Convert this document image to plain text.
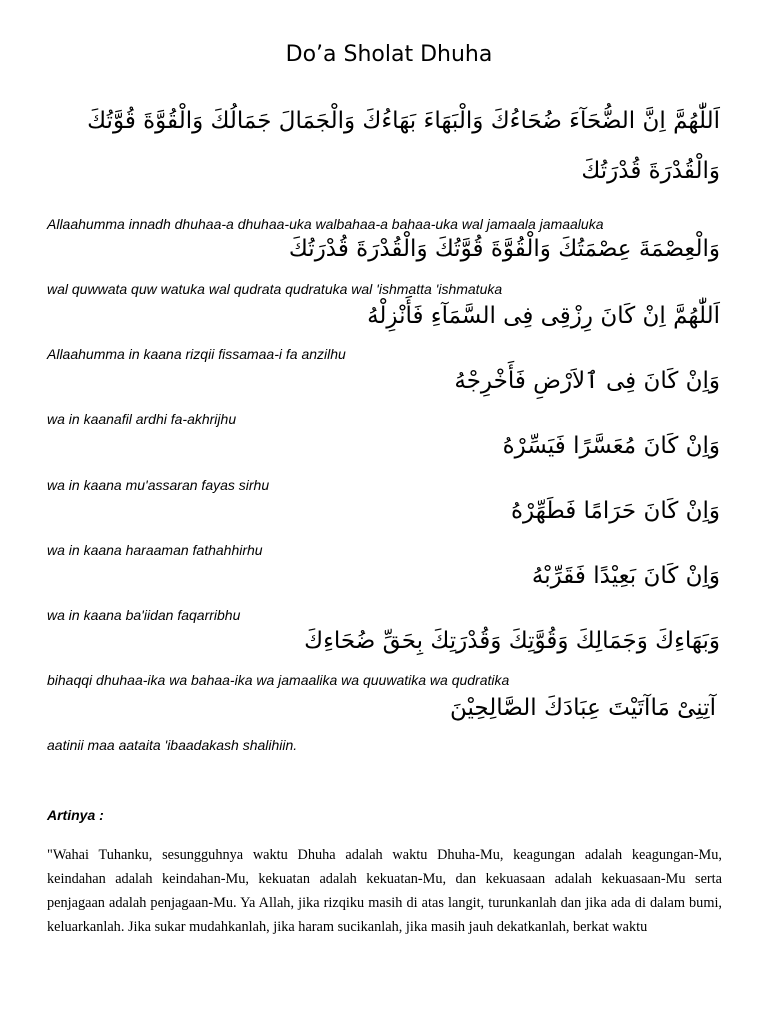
Do’a Sholat Dhuha

اَللّٰهُمَّ اِنَّ الضُّحَآءَ ضُحَاءُكَ وَالْبَهَاءَ بَهَاءُكَ وَالْجَمَالَ جَمَالُكَ وَالْقُوَّةَ قُوَّتُكَ

وَالْقُدْرَةَ قُدْرَتُكَ

Allaahumma innadh dhuhaa-a dhuhaa-uka walbahaa-a bahaa-uka wal jamaala jamaaluka

وَالْعِصْمَةَ عِصْمَتُكَ وَالْقُوَّةَ قُوَّتُكَ وَالْقُدْرَةَ قُدْرَتُكَ

wal quwwata quw watuka wal qudrata qudratuka wal 'ishmatta 'ishmatuka

اَللّٰهُمَّ اِنْ كَانَ رِزْقِى فِى السَّمَآءِ فَأَنْزِلْهُ

Allaahumma in kaana rizqii fissamaa-i fa anzilhu

وَاِنْ كَانَ فِى ٱلاَرْضِ فَأَخْرِجْهُ

wa in kaanafil ardhi fa-akhrijhu

وَاِنْ كَانَ مُعَسَّرًا فَيَسِّرْهُ

wa in kaana mu'assaran fayas sirhu

وَاِنْ كَانَ حَرَامًا فَطَهِّرْهُ

wa in kaana haraaman fathahhirhu

وَاِنْ كَانَ بَعِيْدًا فَقَرِّبْهُ

wa in kaana ba'iidan faqarribhu

وَبَهَاءِكَ وَجَمَالِكَ وَقُوَّتِكَ وَقُدْرَتِكَ بِحَقِّ ضُحَاءِكَ

bihaqqi dhuhaa-ika wa bahaa-ika wa jamaalika wa quuwatika wa qudratika

آتِنِىْ مَاآتَيْتَ عِبَادَكَ الصَّالِحِيْنَ

aatinii maa aataita 'ibaadakash shalihiin.

Artinya :

"Wahai Tuhanku, sesungguhnya waktu Dhuha adalah waktu Dhuha-Mu, keagungan adalah keagungan-Mu, keindahan adalah keindahan-Mu, kekuatan adalah kekuatan-Mu, dan kekuasaan adalah kekuasaan-Mu serta penjagaan adalah penjagaan-Mu. Ya Allah, jika rizqiku masih di atas langit, turunkanlah dan jika ada di dalam bumi, keluarkanlah. Jika sukar mudahkanlah, jika haram sucikanlah, jika masih jauh dekatkanlah, berkat waktu
